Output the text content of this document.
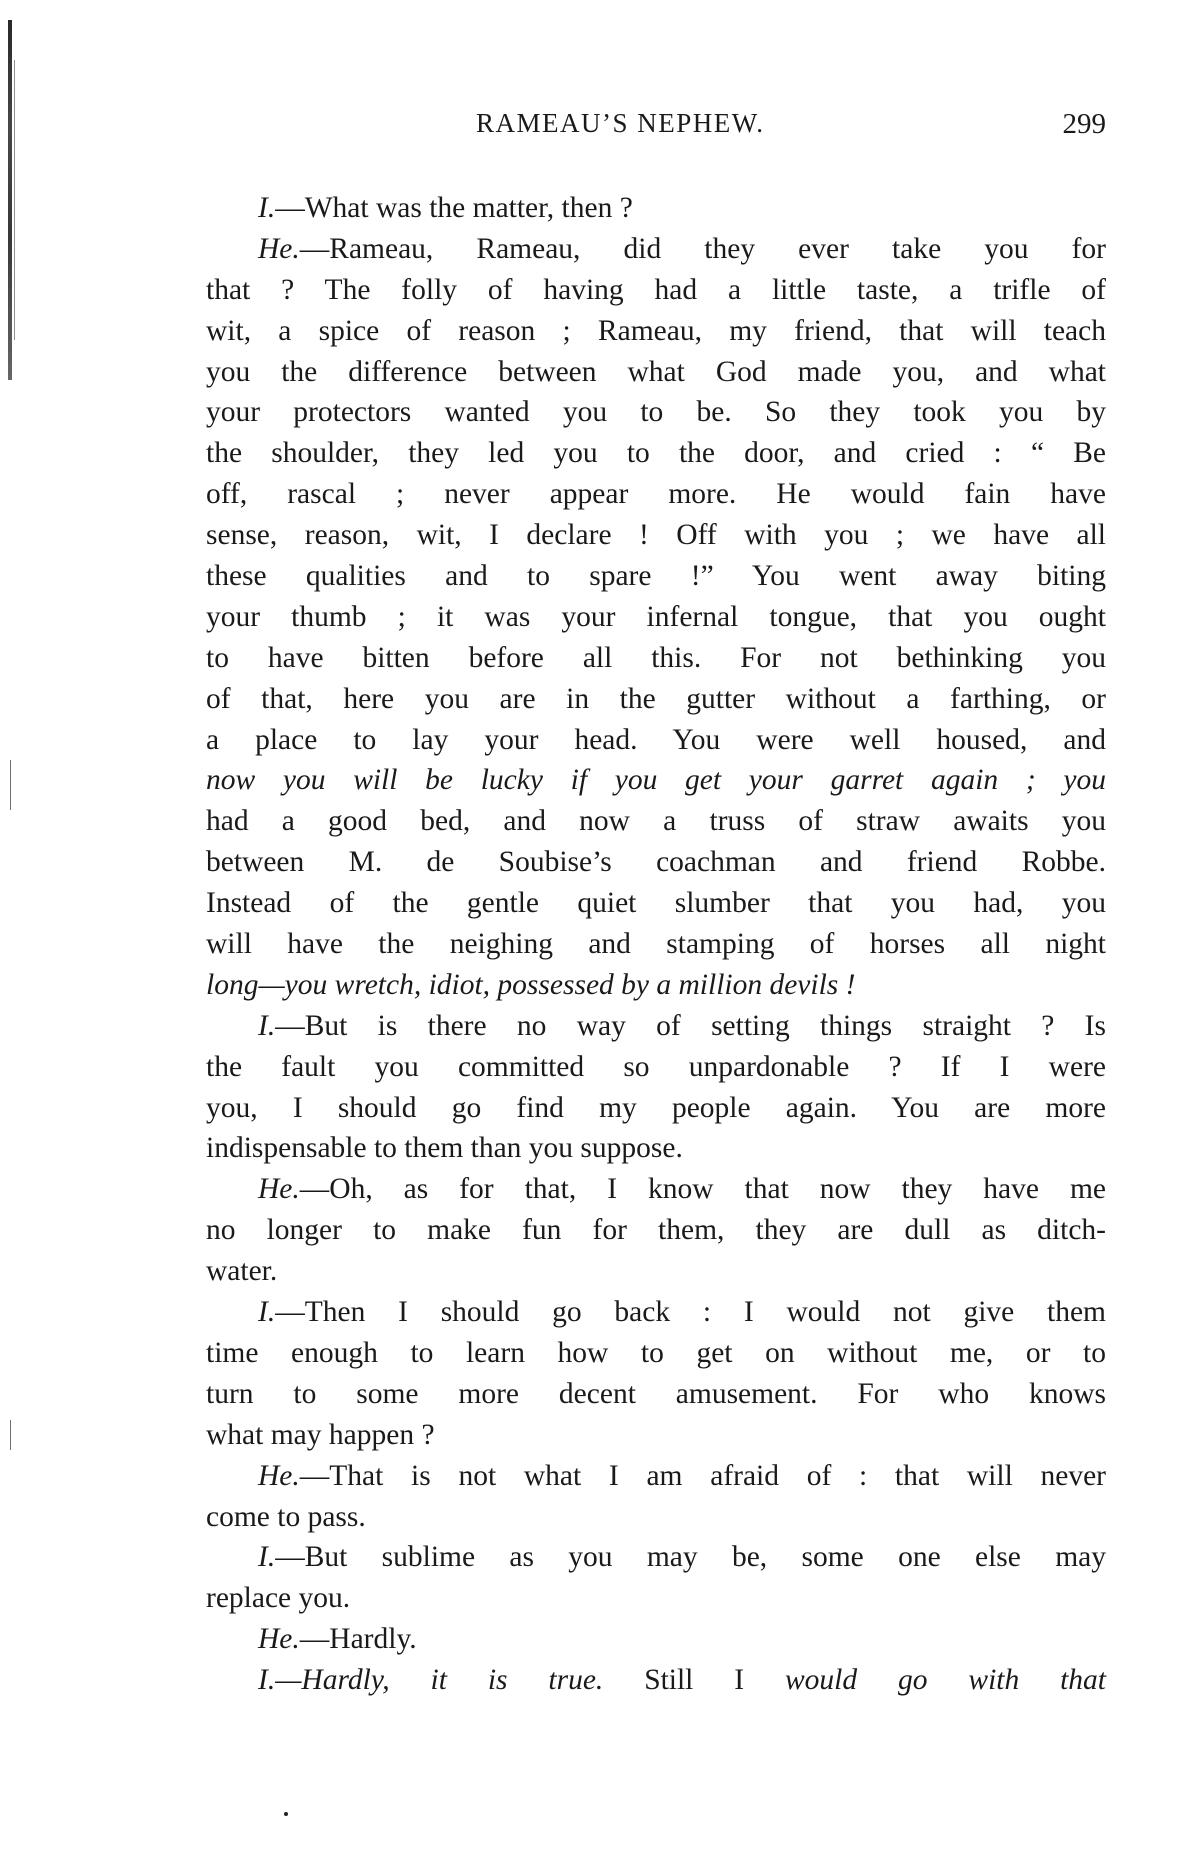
RAMEAU’S NEPHEW.	299
I.—What was the matter, then ?
He.—Rameau, Rameau, did they ever take you for
that ? The folly of having had a little taste, a trifle of
wit, a spice of reason ; Rameau, my friend, that will teach
you the difference between what God made you, and what
your protectors wanted you to be. So they took you by
the shoulder, they led you to the door, and cried : “ Be
off, rascal ; never appear more. He would fain have
sense, reason, wit, I declare ! Off with you ; we have all
these qualities and to spare !” You went away biting
your thumb ; it was your infernal tongue, that you ought
to have bitten before all this. For not bethinking you
of that, here you are in the gutter without a farthing, or
a place to lay your head. You were well housed, and
now you will be lucky if you get your garret again ; you
had a good bed, and now a truss of straw awaits you
between M. de Soubise’s coachman and friend Robbe.
Instead of the gentle quiet slumber that you had, you
will have the neighing and stamping of horses all night
long—you wretch, idiot, possessed by a million devils !
I.—But is there no way of setting things straight ? Is
the fault you committed so unpardonable ? If I were
you, I should go find my people again. You are more
indispensable to them than you suppose.
He.—Oh, as for that, I know that now they have me
no longer to make fun for them, they are dull as ditch-
water.
I.—Then I should go back : I would not give them
time enough to learn how to get on without me, or to
turn to some more decent amusement. For who knows
what may happen ?
He.—That is not what I am afraid of : that will never
come to pass.
I.—But sublime as you may be, some one else may
replace you.
He.—Hardly.
I.—Hardly, it is true. Still I would go with that
